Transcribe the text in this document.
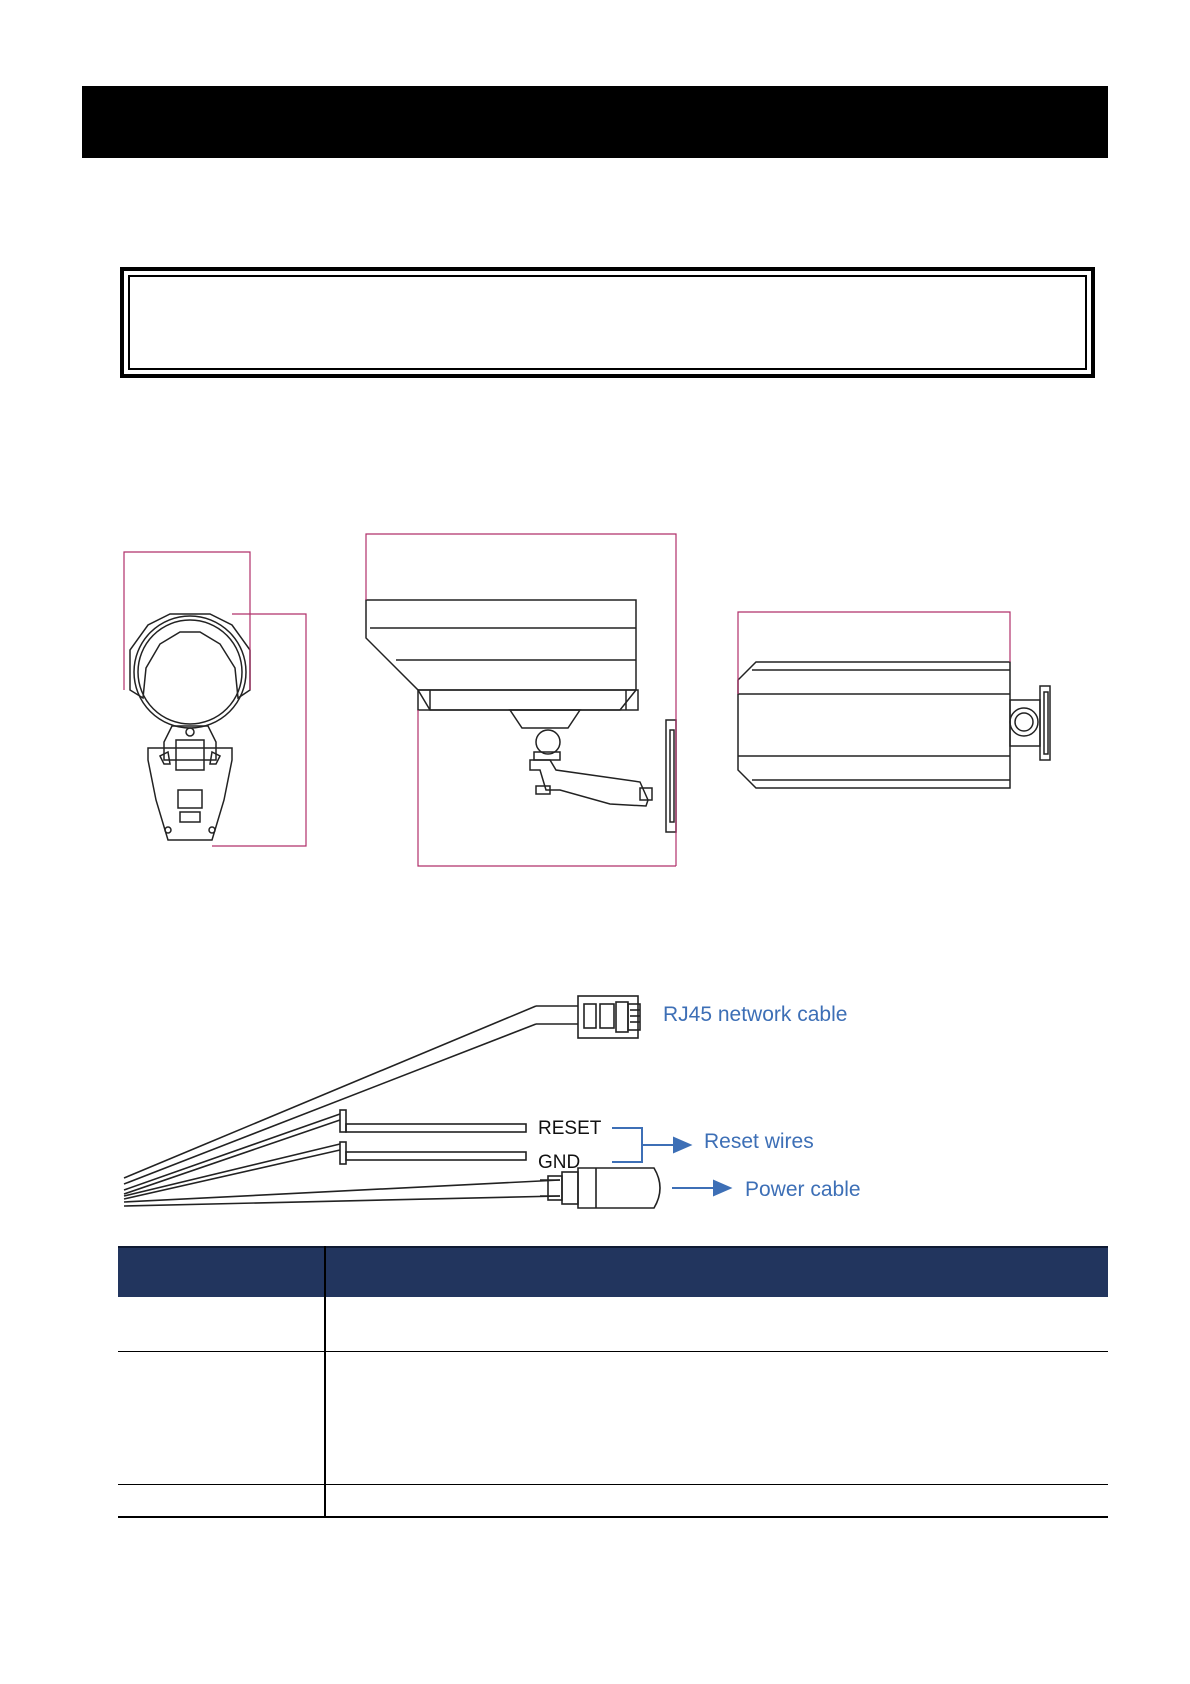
RJ45 network cable
RESET
GND
Reset wires
Power cable
